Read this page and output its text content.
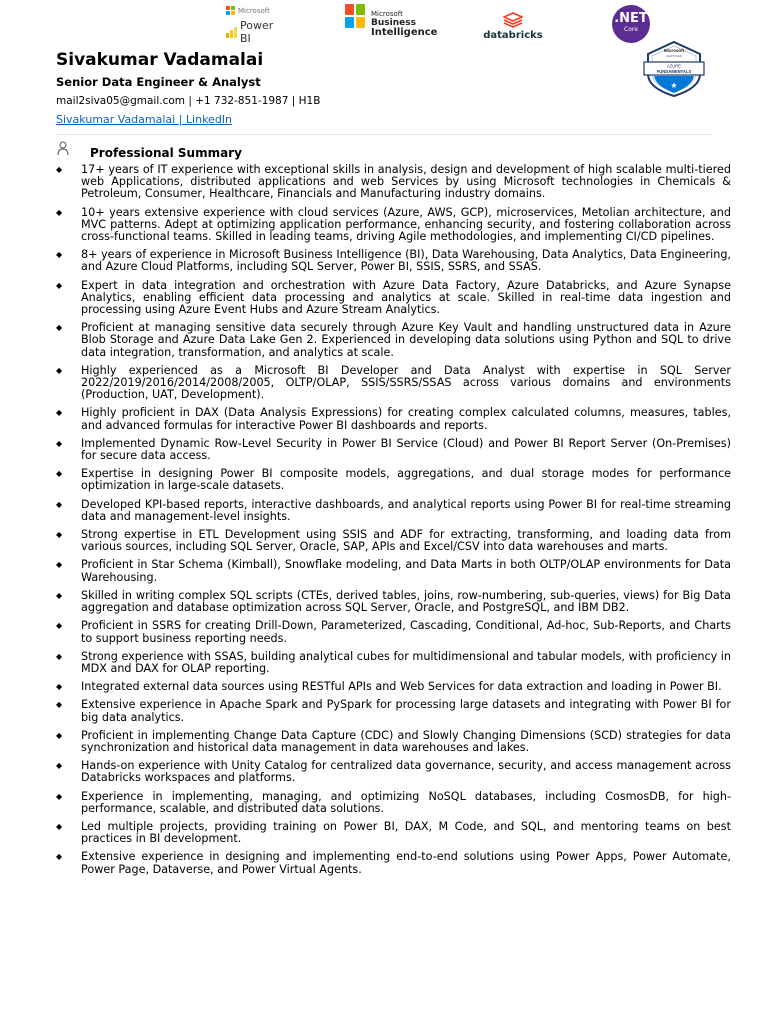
Microsoft
Power BI
Microsoft
Business
Intelligence	databricks
.NET
Core
Microsoft
CERTIFIED
AZURE
FUNDAMENTALS
★
Sivakumar Vadamalai
Senior Data Engineer & Analyst
mail2siva05@gmail.com | +1 732-851-1987 | H1B
Sivakumar Vadamalai | LinkedIn
Professional Summary
◆ 17+ years of IT experience with exceptional skills in analysis, design and development of high scalable multi-tiered web Applications, distributed applications and web Services by using Microsoft technologies in Chemicals & Petroleum, Consumer, Healthcare, Financials and Manufacturing industry domains.
◆ 10+ years extensive experience with cloud services (Azure, AWS, GCP), microservices, Metolian architecture, and MVC patterns. Adept at optimizing application performance, enhancing security, and fostering collaboration across cross-functional teams. Skilled in leading teams, driving Agile methodologies, and implementing CI/CD pipelines.
◆ 8+ years of experience in Microsoft Business Intelligence (BI), Data Warehousing, Data Analytics, Data Engineering, and Azure Cloud Platforms, including SQL Server, Power BI, SSIS, SSRS, and SSAS.
◆ Expert in data integration and orchestration with Azure Data Factory, Azure Databricks, and Azure Synapse Analytics, enabling efficient data processing and analytics at scale. Skilled in real-time data ingestion and processing using Azure Event Hubs and Azure Stream Analytics.
◆ Proficient at managing sensitive data securely through Azure Key Vault and handling unstructured data in Azure Blob Storage and Azure Data Lake Gen 2. Experienced in developing data solutions using Python and SQL to drive data integration, transformation, and analytics at scale.
◆ Highly experienced as a Microsoft BI Developer and Data Analyst with expertise in SQL Server 2022/2019/2016/2014/2008/2005, OLTP/OLAP, SSIS/SSRS/SSAS across various domains and environments (Production, UAT, Development).
◆ Highly proficient in DAX (Data Analysis Expressions) for creating complex calculated columns, measures, tables, and advanced formulas for interactive Power BI dashboards and reports.
◆ Implemented Dynamic Row-Level Security in Power BI Service (Cloud) and Power BI Report Server (On-Premises) for secure data access.
◆ Expertise in designing Power BI composite models, aggregations, and dual storage modes for performance optimization in large-scale datasets.
◆ Developed KPI-based reports, interactive dashboards, and analytical reports using Power BI for real-time streaming data and management-level insights.
◆ Strong expertise in ETL Development using SSIS and ADF for extracting, transforming, and loading data from various sources, including SQL Server, Oracle, SAP, APIs and Excel/CSV into data warehouses and marts.
◆ Proficient in Star Schema (Kimball), Snowflake modeling, and Data Marts in both OLTP/OLAP environments for Data Warehousing.
◆ Skilled in writing complex SQL scripts (CTEs, derived tables, joins, row-numbering, sub-queries, views) for Big Data aggregation and database optimization across SQL Server, Oracle, and PostgreSQL, and IBM DB2.
◆ Proficient in SSRS for creating Drill-Down, Parameterized, Cascading, Conditional, Ad-hoc, Sub-Reports, and Charts to support business reporting needs.
◆ Strong experience with SSAS, building analytical cubes for multidimensional and tabular models, with proficiency in MDX and DAX for OLAP reporting.
◆ Integrated external data sources using RESTful APIs and Web Services for data extraction and loading in Power BI.
◆ Extensive experience in Apache Spark and PySpark for processing large datasets and integrating with Power BI for big data analytics.
◆ Proficient in implementing Change Data Capture (CDC) and Slowly Changing Dimensions (SCD) strategies for data synchronization and historical data management in data warehouses and lakes.
◆ Hands-on experience with Unity Catalog for centralized data governance, security, and access management across Databricks workspaces and platforms.
◆ Experience in implementing, managing, and optimizing NoSQL databases, including CosmosDB, for high-performance, scalable, and distributed data solutions.
◆ Led multiple projects, providing training on Power BI, DAX, M Code, and SQL, and mentoring teams on best practices in BI development.
◆ Extensive experience in designing and implementing end-to-end solutions using Power Apps, Power Automate, Power Page, Dataverse, and Power Virtual Agents.
